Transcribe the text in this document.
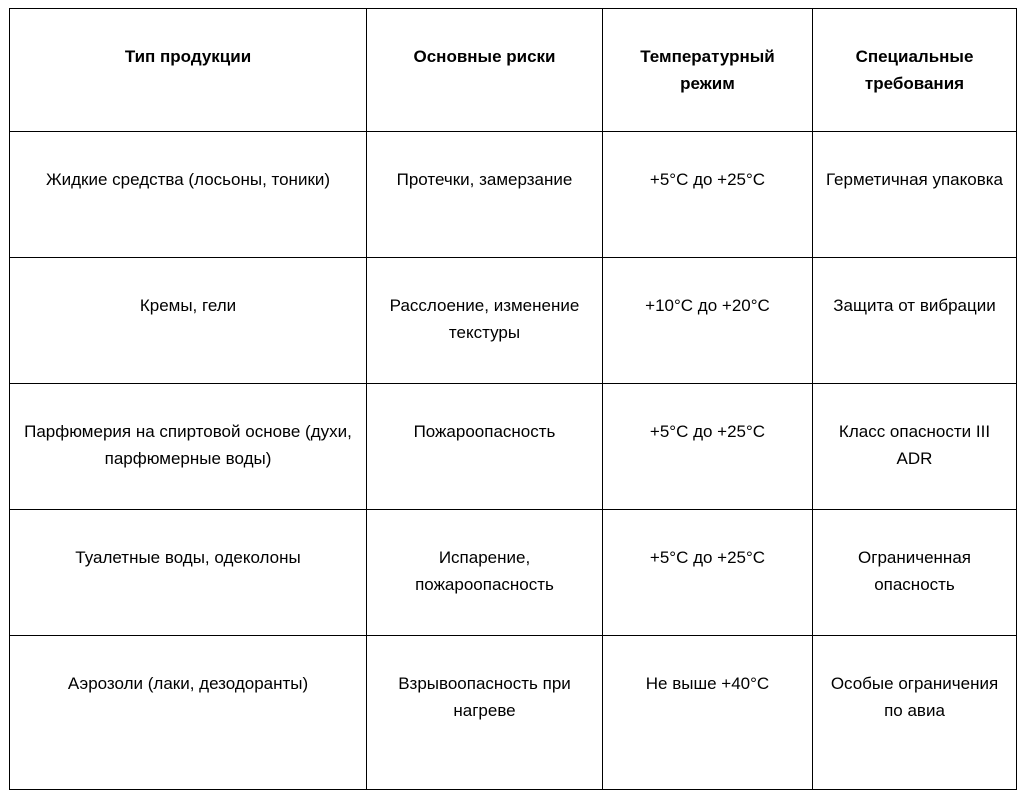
Тип продукции	Основные риски	Температурный режим	Специальные требования
Жидкие средства (лосьоны, тоники)	Протечки, замерзание	+5°C до +25°C	Герметичная упаковка
Кремы, гели	Расслоение, изменение текстуры	+10°C до +20°C	Защита от вибрации
Парфюмерия на спиртовой основе (духи, парфюмерные воды)	Пожароопасность	+5°C до +25°C	Класс опасности III ADR
Туалетные воды, одеколоны	Испарение, пожароопасность	+5°C до +25°C	Ограниченная опасность
Аэрозоли (лаки, дезодоранты)	Взрывоопасность при нагреве	Не выше +40°C	Особые ограничения по авиа
